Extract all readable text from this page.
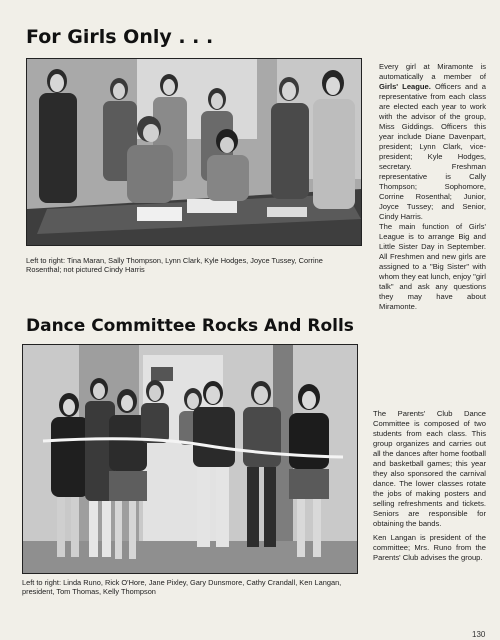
For Girls Only . . .

Left to right: Tina Maran, Sally Thompson, Lynn Clark, Kyle Hodges, Joyce Tussey, Corrine Rosenthal; not pictured Cindy Harris

Every girl at Miramonte is automatically a member of Girls' League. Officers and a representative from each class are elected each year to work with the advisor of the group, Miss Giddings. Officers this year include Diane Davenpart, president; Lynn Clark, vice-president; Kyle Hodges, secretary. Freshman representative is Cally Thompson; Sophomore, Corrine Rosenthal; Junior, Joyce Tussey; and Senior, Cindy Harris.

The main function of Girls' League is to arrange Big and Little Sister Day in September. All Freshmen and new girls are assigned to a "Big Sister" with whom they eat lunch, enjoy "girl talk" and ask any questions they may have about Miramonte.

Dance Committee Rocks And Rolls

Left to right: Linda Runo, Rick O'Hore, Jane Pixley, Gary Dunsmore, Cathy Crandall, Ken Langan, president, Tom Thomas, Kelly Thompson

The Parents' Club Dance Committee is composed of two students from each class. This group organizes and carries out all the dances after home football and basketball games; this year they also sponsored the carnival dance. The lower classes rotate the jobs of making posters and selling refreshments and tickets. Seniors are responsible for obtaining the bands.

Ken Langan is president of the committee; Mrs. Runo from the Parents' Club advises the group.

130
